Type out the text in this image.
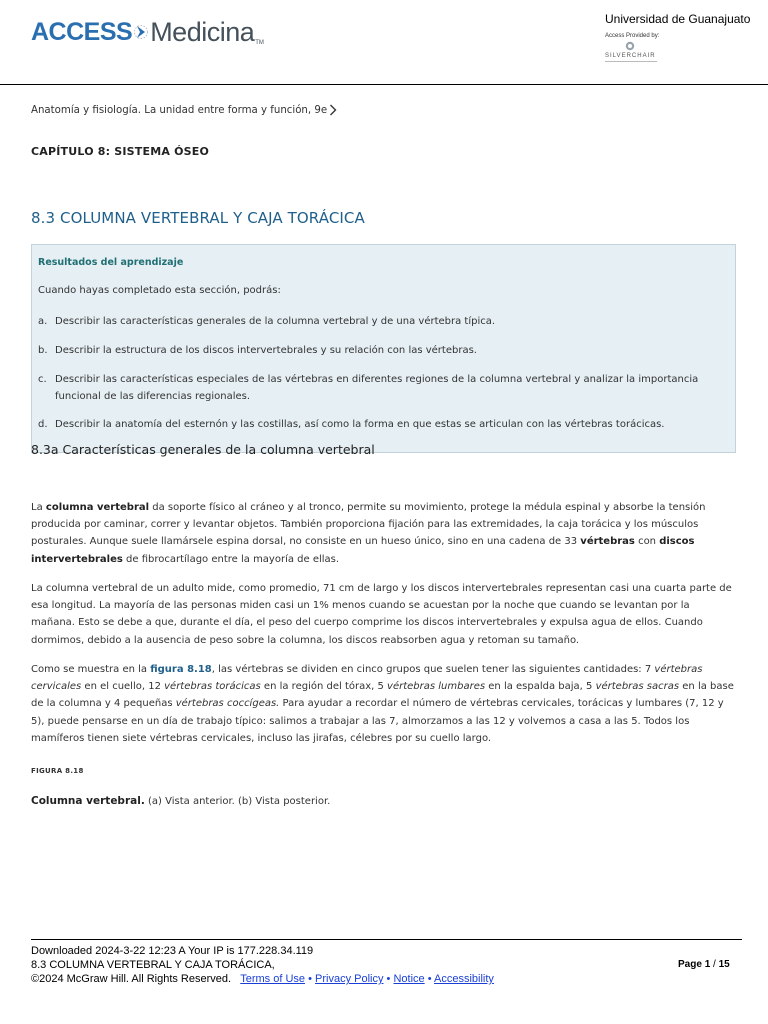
ACCESS Medicina TM
Universidad de Guanajuato
Access Provided by:
SILVERCHAIR
Anatomía y fisiología. La unidad entre forma y función, 9e
CAPÍTULO 8: SISTEMA ÓSEO
8.3 COLUMNA VERTEBRAL Y CAJA TORÁCICA
Resultados del aprendizaje
Cuando hayas completado esta sección, podrás:
a. Describir las características generales de la columna vertebral y de una vértebra típica.
b. Describir la estructura de los discos intervertebrales y su relación con las vértebras.
c. Describir las características especiales de las vértebras en diferentes regiones de la columna vertebral y analizar la importancia funcional de las diferencias regionales.
d. Describir la anatomía del esternón y las costillas, así como la forma en que estas se articulan con las vértebras torácicas.
8.3a Características generales de la columna vertebral

La columna vertebral da soporte físico al cráneo y al tronco, permite su movimiento, protege la médula espinal y absorbe la tensión producida por caminar, correr y levantar objetos. También proporciona fijación para las extremidades, la caja torácica y los músculos posturales. Aunque suele llamársele espina dorsal, no consiste en un hueso único, sino en una cadena de 33 vértebras con discos intervertebrales de fibrocartílago entre la mayoría de ellas.

La columna vertebral de un adulto mide, como promedio, 71 cm de largo y los discos intervertebrales representan casi una cuarta parte de esa longitud. La mayoría de las personas miden casi un 1% menos cuando se acuestan por la noche que cuando se levantan por la mañana. Esto se debe a que, durante el día, el peso del cuerpo comprime los discos intervertebrales y expulsa agua de ellos. Cuando dormimos, debido a la ausencia de peso sobre la columna, los discos reabsorben agua y retoman su tamaño.

Como se muestra en la figura 8.18, las vértebras se dividen en cinco grupos que suelen tener las siguientes cantidades: 7 vértebras cervicales en el cuello, 12 vértebras torácicas en la región del tórax, 5 vértebras lumbares en la espalda baja, 5 vértebras sacras en la base de la columna y 4 pequeñas vértebras coccígeas. Para ayudar a recordar el número de vértebras cervicales, torácicas y lumbares (7, 12 y 5), puede pensarse en un día de trabajo típico: salimos a trabajar a las 7, almorzamos a las 12 y volvemos a casa a las 5. Todos los mamíferos tienen siete vértebras cervicales, incluso las jirafas, célebres por su cuello largo.

FIGURA 8.18
Columna vertebral. (a) Vista anterior. (b) Vista posterior.
Downloaded 2024-3-22 12:23 A Your IP is 177.228.34.119
8.3 COLUMNA VERTEBRAL Y CAJA TORÁCICA,
©2024 McGraw Hill. All Rights Reserved. Terms of Use • Privacy Policy • Notice • Accessibility
Page 1 / 15
